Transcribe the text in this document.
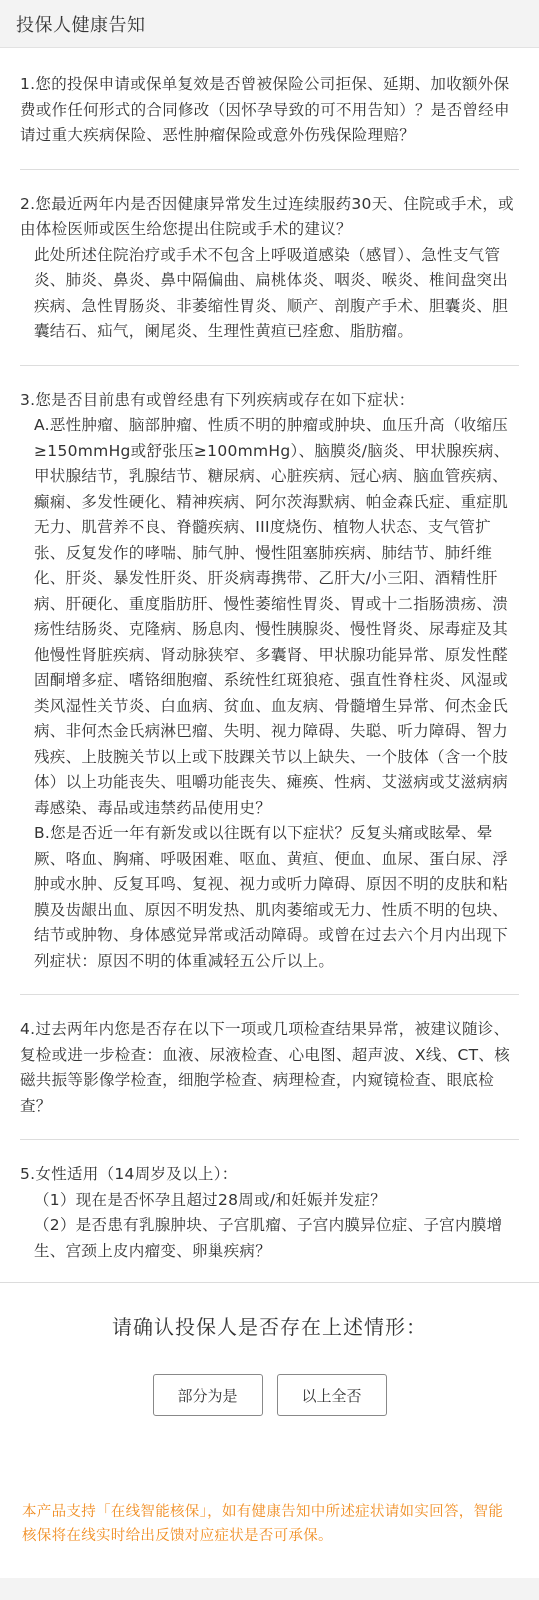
投保人健康告知

1.您的投保申请或保单复效是否曾被保险公司拒保、延期、加收额外保费或作任何形式的合同修改（因怀孕导致的可不用告知）？是否曾经申请过重大疾病保险、恶性肿瘤保险或意外伤残保险理赔？

2.您最近两年内是否因健康异常发生过连续服药30天、住院或手术，或由体检医师或医生给您提出住院或手术的建议？

此处所述住院治疗或手术不包含上呼吸道感染（感冒）、急性支气管炎、肺炎、鼻炎、鼻中隔偏曲、扁桃体炎、咽炎、喉炎、椎间盘突出疾病、急性胃肠炎、非萎缩性胃炎、顺产、剖腹产手术、胆囊炎、胆囊结石、疝气，阑尾炎、生理性黄疸已痊愈、脂肪瘤。

3.您是否目前患有或曾经患有下列疾病或存在如下症状：

A.恶性肿瘤、脑部肿瘤、性质不明的肿瘤或肿块、血压升高（收缩压≥150mmHg或舒张压≥100mmHg）、脑膜炎/脑炎、甲状腺疾病、甲状腺结节，乳腺结节、糖尿病、心脏疾病、冠心病、脑血管疾病、癫痫、多发性硬化、精神疾病、阿尔茨海默病、帕金森氏症、重症肌无力、肌营养不良、脊髓疾病、III度烧伤、植物人状态、支气管扩张、反复发作的哮喘、肺气肿、慢性阻塞肺疾病、肺结节、肺纤维化、肝炎、暴发性肝炎、肝炎病毒携带、乙肝大/小三阳、酒精性肝病、肝硬化、重度脂肪肝、慢性萎缩性胃炎、胃或十二指肠溃疡、溃疡性结肠炎、克隆病、肠息肉、慢性胰腺炎、慢性肾炎、尿毒症及其他慢性肾脏疾病、肾动脉狭窄、多囊肾、甲状腺功能异常、原发性醛固酮增多症、嗜铬细胞瘤、系统性红斑狼疮、强直性脊柱炎、风湿或类风湿性关节炎、白血病、贫血、血友病、骨髓增生异常、何杰金氏病、非何杰金氏病淋巴瘤、失明、视力障碍、失聪、听力障碍、智力残疾、上肢腕关节以上或下肢踝关节以上缺失、一个肢体（含一个肢体）以上功能丧失、咀嚼功能丧失、瘫痪、性病、艾滋病或艾滋病病毒感染、毒品或违禁药品使用史？

B.您是否近一年有新发或以往既有以下症状？反复头痛或眩晕、晕厥、咯血、胸痛、呼吸困难、呕血、黄疸、便血、血尿、蛋白尿、浮肿或水肿、反复耳鸣、复视、视力或听力障碍、原因不明的皮肤和粘膜及齿龈出血、原因不明发热、肌肉萎缩或无力、性质不明的包块、结节或肿物、身体感觉异常或活动障碍。或曾在过去六个月内出现下列症状：原因不明的体重减轻五公斤以上。

4.过去两年内您是否存在以下一项或几项检查结果异常，被建议随诊、复检或进一步检查：血液、尿液检查、心电图、超声波、X线、CT、核磁共振等影像学检查，细胞学检查、病理检查，内窥镜检查、眼底检查？

5.女性适用（14周岁及以上）：

（1）现在是否怀孕且超过28周或/和妊娠并发症？

（2）是否患有乳腺肿块、子宫肌瘤、子宫内膜异位症、子宫内膜增生、宫颈上皮内瘤变、卵巢疾病？

请确认投保人是否存在上述情形：

部分为是	以上全否

本产品支持「在线智能核保」，如有健康告知中所述症状请如实回答，智能核保将在线实时给出反馈对应症状是否可承保。
